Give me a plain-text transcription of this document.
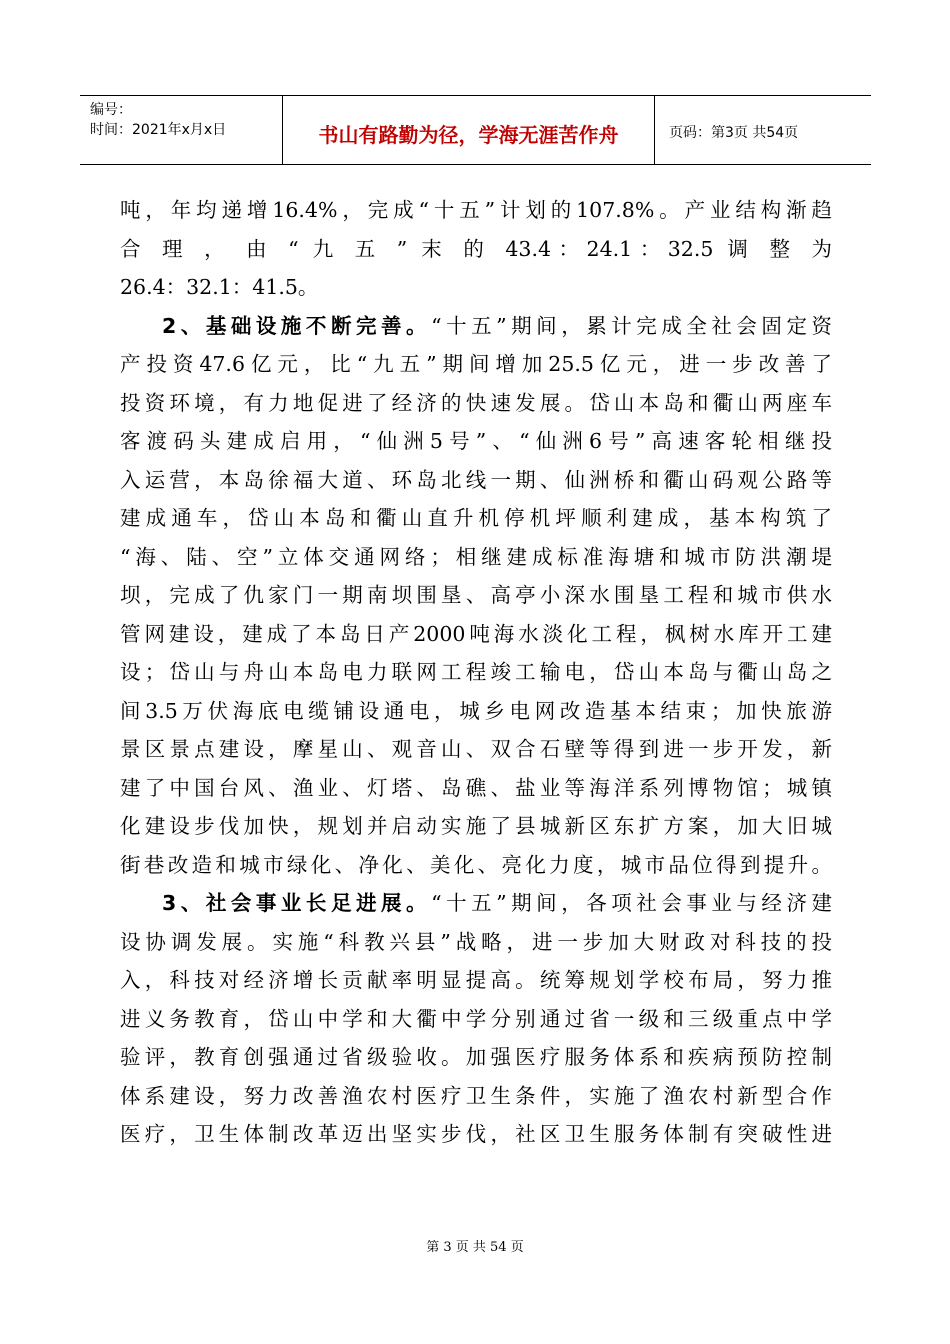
编号：
时间：2021年x月x日	书山有路勤为径，学海无涯苦作舟	页码：第3页 共54页
吨，年均递增16.4%，完成“十五”计划的107.8%。产业结构渐趋
合 理 ， 由 “ 九 五 ” 末 的 43.4：24.1：32.5 调 整 为
26.4：32.1：41.5。
2、基础设施不断完善。“十五”期间，累计完成全社会固定资
产投资47.6亿元，比“九五”期间增加25.5亿元，进一步改善了
投资环境，有力地促进了经济的快速发展。岱山本岛和衢山两座车
客渡码头建成启用，“仙洲5号”、“仙洲6号”高速客轮相继投
入运营，本岛徐福大道、环岛北线一期、仙洲桥和衢山码观公路等
建成通车，岱山本岛和衢山直升机停机坪顺利建成，基本构筑了
“海、陆、空”立体交通网络；相继建成标准海塘和城市防洪潮堤
坝，完成了仇家门一期南坝围垦、高亭小深水围垦工程和城市供水
管网建设，建成了本岛日产2000吨海水淡化工程，枫树水库开工建
设；岱山与舟山本岛电力联网工程竣工输电，岱山本岛与衢山岛之
间3.5万伏海底电缆铺设通电，城乡电网改造基本结束；加快旅游
景区景点建设，摩星山、观音山、双合石壁等得到进一步开发，新
建了中国台风、渔业、灯塔、岛礁、盐业等海洋系列博物馆；城镇
化建设步伐加快，规划并启动实施了县城新区东扩方案，加大旧城
街巷改造和城市绿化、净化、美化、亮化力度，城市品位得到提升。
3、社会事业长足进展。“十五”期间，各项社会事业与经济建
设协调发展。实施“科教兴县”战略，进一步加大财政对科技的投
入，科技对经济增长贡献率明显提高。统筹规划学校布局，努力推
进义务教育，岱山中学和大衢中学分别通过省一级和三级重点中学
验评，教育创强通过省级验收。加强医疗服务体系和疾病预防控制
体系建设，努力改善渔农村医疗卫生条件，实施了渔农村新型合作
医疗，卫生体制改革迈出坚实步伐，社区卫生服务体制有突破性进
第 3 页 共 54 页
